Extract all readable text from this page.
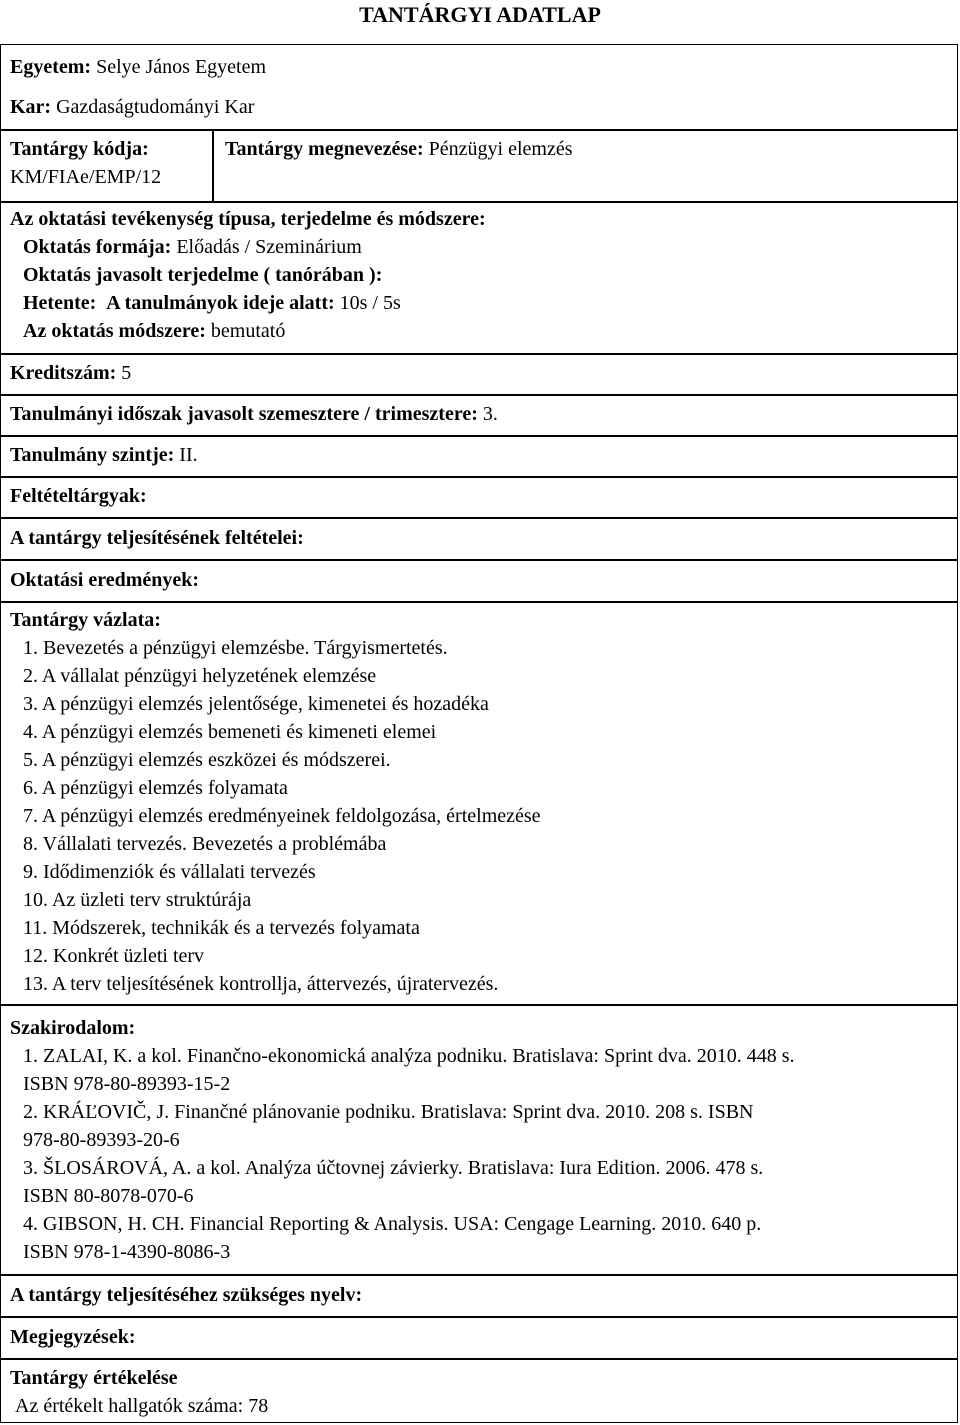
TANTÁRGYI ADATLAP
Egyetem: Selye János Egyetem
Kar: Gazdaságtudományi Kar
Tantárgy kódja:
KM/FIAe/EMP/12
Tantárgy megnevezése: Pénzügyi elemzés
Az oktatási tevékenység típusa, terjedelme és módszere:
Oktatás formája: Előadás / Szeminárium
Oktatás javasolt terjedelme ( tanórában ):
Hetente: A tanulmányok ideje alatt: 10s / 5s
Az oktatás módszere: bemutató
Kreditszám: 5
Tanulmányi időszak javasolt szemesztere / trimesztere: 3.
Tanulmány szintje: II.
Feltételtárgyak:
A tantárgy teljesítésének feltételei:
Oktatási eredmények:
Tantárgy vázlata:
1. Bevezetés a pénzügyi elemzésbe. Tárgyismertetés.
2. A vállalat pénzügyi helyzetének elemzése
3. A pénzügyi elemzés jelentősége, kimenetei és hozadéka
4. A pénzügyi elemzés bemeneti és kimeneti elemei
5. A pénzügyi elemzés eszközei és módszerei.
6. A pénzügyi elemzés folyamata
7. A pénzügyi elemzés eredményeinek feldolgozása, értelmezése
8. Vállalati tervezés. Bevezetés a problémába
9. Idődimenziók és vállalati tervezés
10. Az üzleti terv struktúrája
11. Módszerek, technikák és a tervezés folyamata
12. Konkrét üzleti terv
13. A terv teljesítésének kontrollja, áttervezés, újratervezés.
Szakirodalom:
1. ZALAI, K. a kol. Finančno-ekonomická analýza podniku. Bratislava: Sprint dva. 2010. 448 s.
ISBN 978-80-89393-15-2
2. KRÁĽOVIČ, J. Finančné plánovanie podniku. Bratislava: Sprint dva. 2010. 208 s. ISBN
978-80-89393-20-6
3. ŠLOSÁROVÁ, A. a kol. Analýza účtovnej závierky. Bratislava: Iura Edition. 2006. 478 s.
ISBN 80-8078-070-6
4. GIBSON, H. CH. Financial Reporting & Analysis. USA: Cengage Learning. 2010. 640 p.
ISBN 978-1-4390-8086-3
A tantárgy teljesítéséhez szükséges nyelv:
Megjegyzések:
Tantárgy értékelése
Az értékelt hallgatók száma: 78
